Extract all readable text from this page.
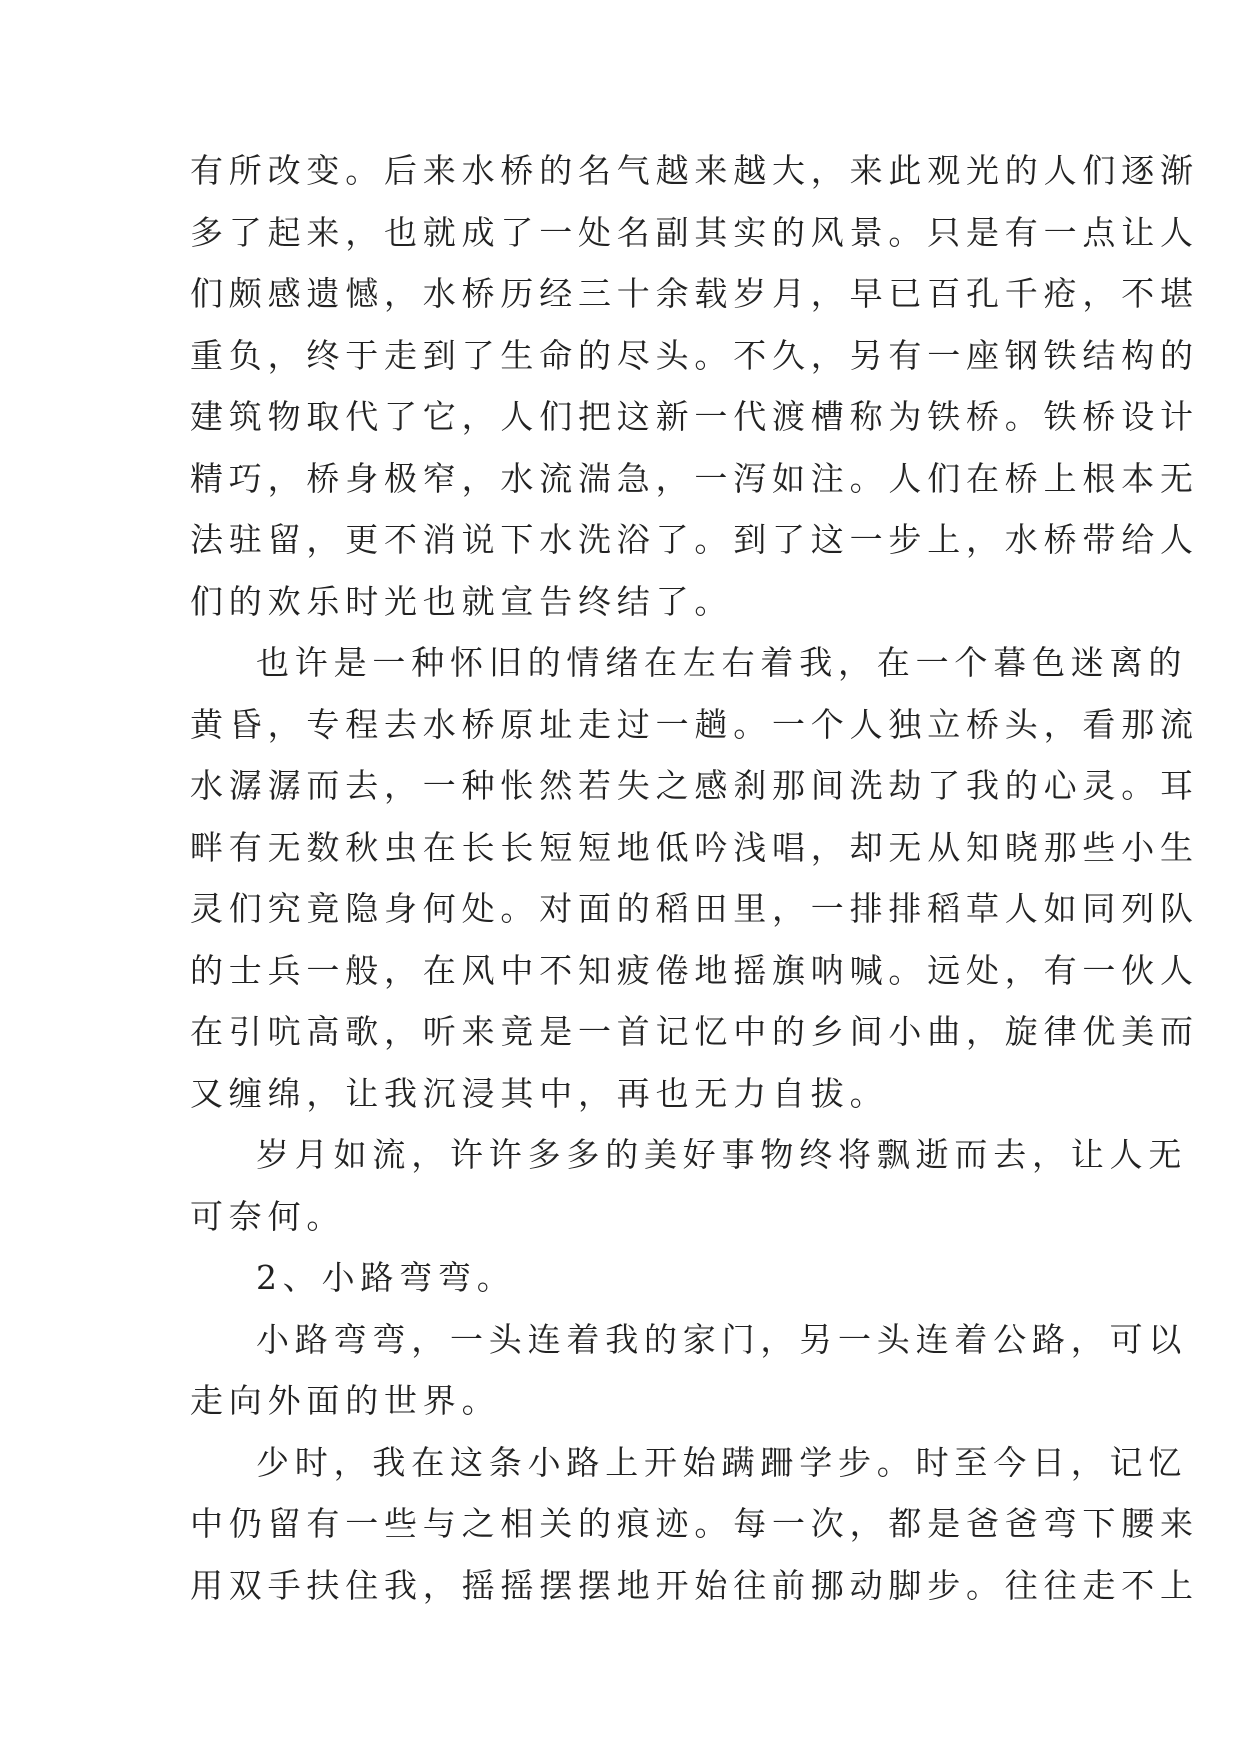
有所改变。后来水桥的名气越来越大，来此观光的人们逐渐
多了起来，也就成了一处名副其实的风景。只是有一点让人
们颇感遗憾，水桥历经三十余载岁月，早已百孔千疮，不堪
重负，终于走到了生命的尽头。不久，另有一座钢铁结构的
建筑物取代了它，人们把这新一代渡槽称为铁桥。铁桥设计
精巧，桥身极窄，水流湍急，一泻如注。人们在桥上根本无
法驻留，更不消说下水洗浴了。到了这一步上，水桥带给人
们的欢乐时光也就宣告终结了。
也许是一种怀旧的情绪在左右着我，在一个暮色迷离的
黄昏，专程去水桥原址走过一趟。一个人独立桥头，看那流
水潺潺而去，一种怅然若失之感刹那间洗劫了我的心灵。耳
畔有无数秋虫在长长短短地低吟浅唱，却无从知晓那些小生
灵们究竟隐身何处。对面的稻田里，一排排稻草人如同列队
的士兵一般，在风中不知疲倦地摇旗呐喊。远处，有一伙人
在引吭高歌，听来竟是一首记忆中的乡间小曲，旋律优美而
又缠绵，让我沉浸其中，再也无力自拔。
岁月如流，许许多多的美好事物终将飘逝而去，让人无
可奈何。
2、小路弯弯。
小路弯弯，一头连着我的家门，另一头连着公路，可以
走向外面的世界。
少时，我在这条小路上开始蹒跚学步。时至今日，记忆
中仍留有一些与之相关的痕迹。每一次，都是爸爸弯下腰来
用双手扶住我，摇摇摆摆地开始往前挪动脚步。往往走不上
